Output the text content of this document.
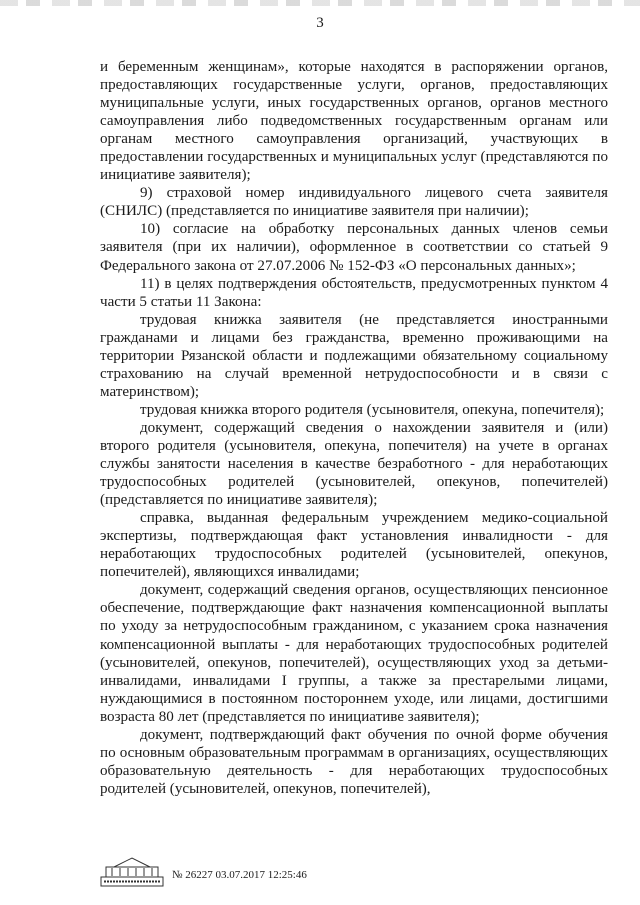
3

и беременным женщинам», которые находятся в распоряжении органов, предоставляющих государственные услуги, органов, предоставляющих муниципальные услуги, иных государственных органов, органов местного самоуправления либо подведомственных государственным органам или органам местного самоуправления организаций, участвующих в предоставлении государственных и муниципальных услуг (представляются по инициативе заявителя);

9) страховой номер индивидуального лицевого счета заявителя (СНИЛС) (представляется по инициативе заявителя при наличии);

10) согласие на обработку персональных данных членов семьи заявителя (при их наличии), оформленное в соответствии со статьей 9 Федерального закона от 27.07.2006 № 152-ФЗ «О персональных данных»;

11) в целях подтверждения обстоятельств, предусмотренных пунктом 4 части 5 статьи 11 Закона:

трудовая книжка заявителя (не представляется иностранными гражданами и лицами без гражданства, временно проживающими на территории Рязанской области и подлежащими обязательному социальному страхованию на случай временной нетрудоспособности и в связи с материнством);

трудовая книжка второго родителя (усыновителя, опекуна, попечителя);

документ, содержащий сведения о нахождении заявителя и (или) второго родителя (усыновителя, опекуна, попечителя) на учете в органах службы занятости населения в качестве безработного - для неработающих трудоспособных родителей (усыновителей, опекунов, попечителей) (представляется по инициативе заявителя);

справка, выданная федеральным учреждением медико-социальной экспертизы, подтверждающая факт установления инвалидности - для неработающих трудоспособных родителей (усыновителей, опекунов, попечителей), являющихся инвалидами;

документ, содержащий сведения органов, осуществляющих пенсионное обеспечение, подтверждающие факт назначения компенсационной выплаты по уходу за нетрудоспособным гражданином, с указанием срока назначения компенсационной выплаты - для неработающих трудоспособных родителей (усыновителей, опекунов, попечителей), осуществляющих уход за детьми-инвалидами, инвалидами I группы, а также за престарелыми лицами, нуждающимися в постоянном постороннем уходе, или лицами, достигшими возраста 80 лет (представляется по инициативе заявителя);

документ, подтверждающий факт обучения по очной форме обучения по основным образовательным программам в организациях, осуществляющих образовательную деятельность - для неработающих трудоспособных родителей (усыновителей, опекунов, попечителей),

№ 26227 03.07.2017 12:25:46
